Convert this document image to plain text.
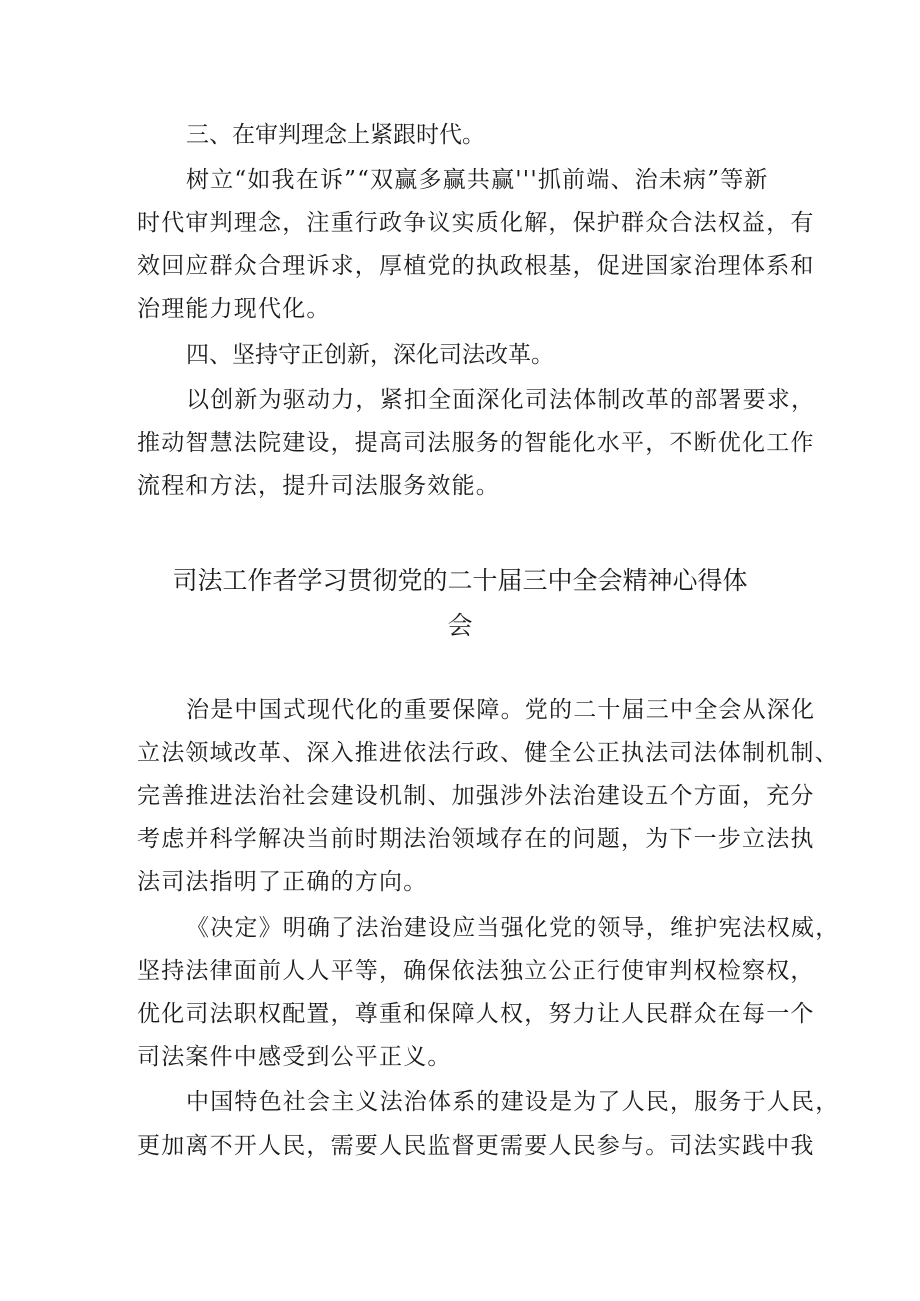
三、在审判理念上紧跟时代。
树立“如我在诉”“双赢多赢共赢'''抓前端、治未病”等新
时代审判理念，注重行政争议实质化解，保护群众合法权益，有
效回应群众合理诉求，厚植党的执政根基，促进国家治理体系和
治理能力现代化。
四、坚持守正创新，深化司法改革。
以创新为驱动力，紧扣全面深化司法体制改革的部署要求，
推动智慧法院建设，提高司法服务的智能化水平，不断优化工作
流程和方法，提升司法服务效能。
司法工作者学习贯彻党的二十届三中全会精神心得体
会
治是中国式现代化的重要保障。党的二十届三中全会从深化
立法领域改革、深入推进依法行政、健全公正执法司法体制机制、
完善推进法治社会建设机制、加强涉外法治建设五个方面，充分
考虑并科学解决当前时期法治领域存在的问题，为下一步立法执
法司法指明了正确的方向。
《决定》明确了法治建设应当强化党的领导，维护宪法权威，
坚持法律面前人人平等，确保依法独立公正行使审判权检察权，
优化司法职权配置，尊重和保障人权，努力让人民群众在每一个
司法案件中感受到公平正义。
中国特色社会主义法治体系的建设是为了人民，服务于人民，
更加离不开人民，需要人民监督更需要人民参与。司法实践中我
